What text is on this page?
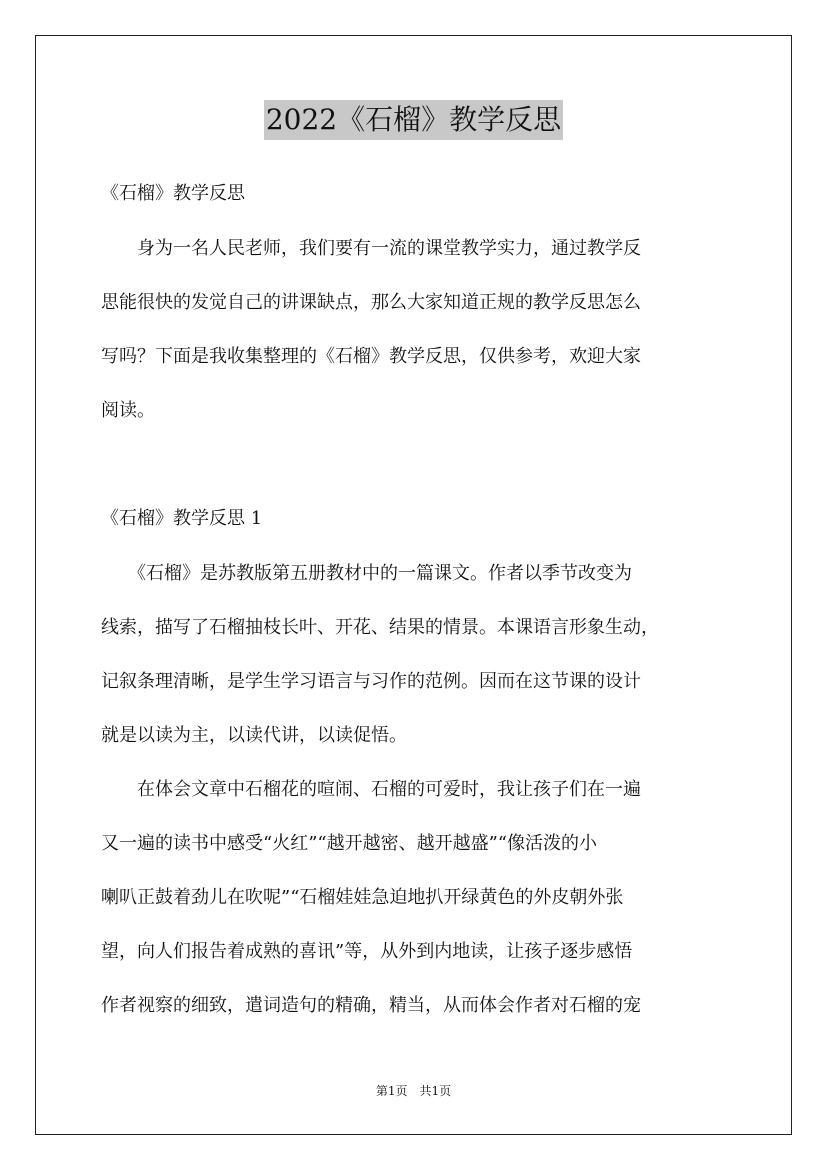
2022《石榴》教学反思
《石榴》教学反思
　　身为一名人民老师，我们要有一流的课堂教学实力，通过教学反
思能很快的发觉自己的讲课缺点，那么大家知道正规的教学反思怎么
写吗？下面是我收集整理的《石榴》教学反思，仅供参考，欢迎大家
阅读。
《石榴》教学反思 1
　　《石榴》是苏教版第五册教材中的一篇课文。作者以季节改变为
线索，描写了石榴抽枝长叶、开花、结果的情景。本课语言形象生动，
记叙条理清晰，是学生学习语言与习作的范例。因而在这节课的设计
就是以读为主，以读代讲，以读促悟。
　　在体会文章中石榴花的喧闹、石榴的可爱时，我让孩子们在一遍
又一遍的读书中感受“火红”“越开越密、越开越盛”“像活泼的小
喇叭正鼓着劲儿在吹呢”“石榴娃娃急迫地扒开绿黄色的外皮朝外张
望，向人们报告着成熟的喜讯”等，从外到内地读，让孩子逐步感悟
作者视察的细致，遣词造句的精确，精当，从而体会作者对石榴的宠
第1页　共1页
